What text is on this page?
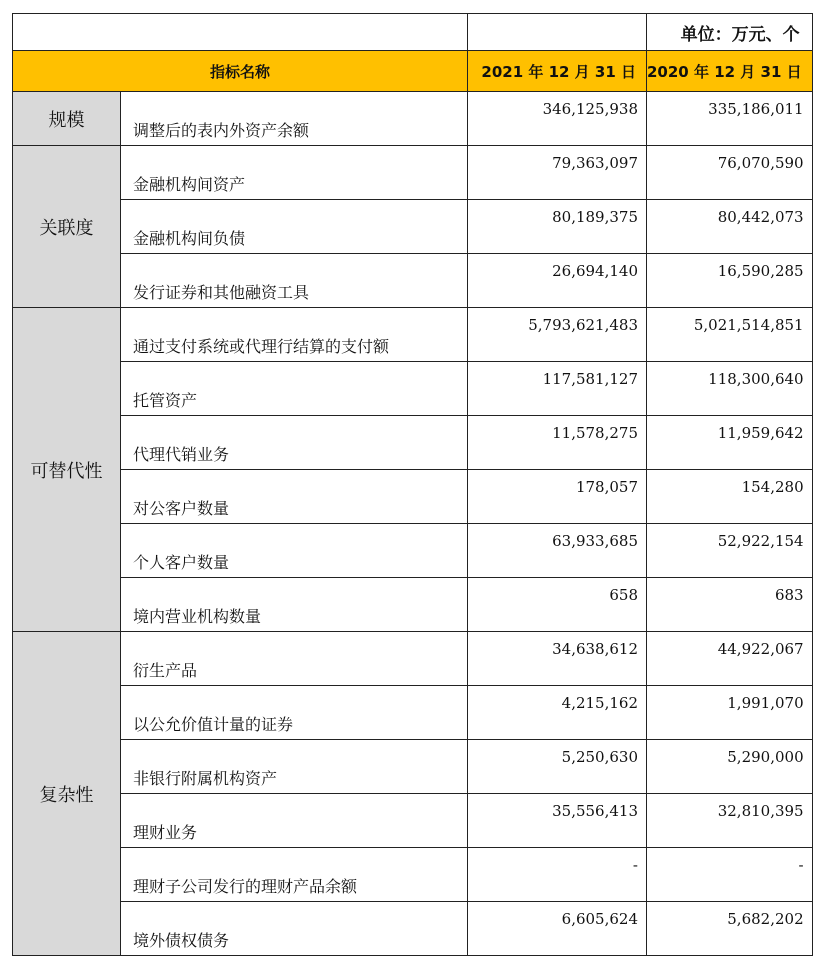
			单位：万元、个
指标名称		2021 年 12 月 31 日	2020 年 12 月 31 日
规模	调整后的表内外资产余额	346,125,938	335,186,011
关联度	金融机构间资产	79,363,097	76,070,590
	金融机构间负债	80,189,375	80,442,073
	发行证券和其他融资工具	26,694,140	16,590,285
可替代性	通过支付系统或代理行结算的支付额	5,793,621,483	5,021,514,851
	托管资产	117,581,127	118,300,640
	代理代销业务	11,578,275	11,959,642
	对公客户数量	178,057	154,280
	个人客户数量	63,933,685	52,922,154
	境内营业机构数量	658	683
复杂性	衍生产品	34,638,612	44,922,067
	以公允价值计量的证券	4,215,162	1,991,070
	非银行附属机构资产	5,250,630	5,290,000
	理财业务	35,556,413	32,810,395
	理财子公司发行的理财产品余额	-	-
	境外债权债务	6,605,624	5,682,202
